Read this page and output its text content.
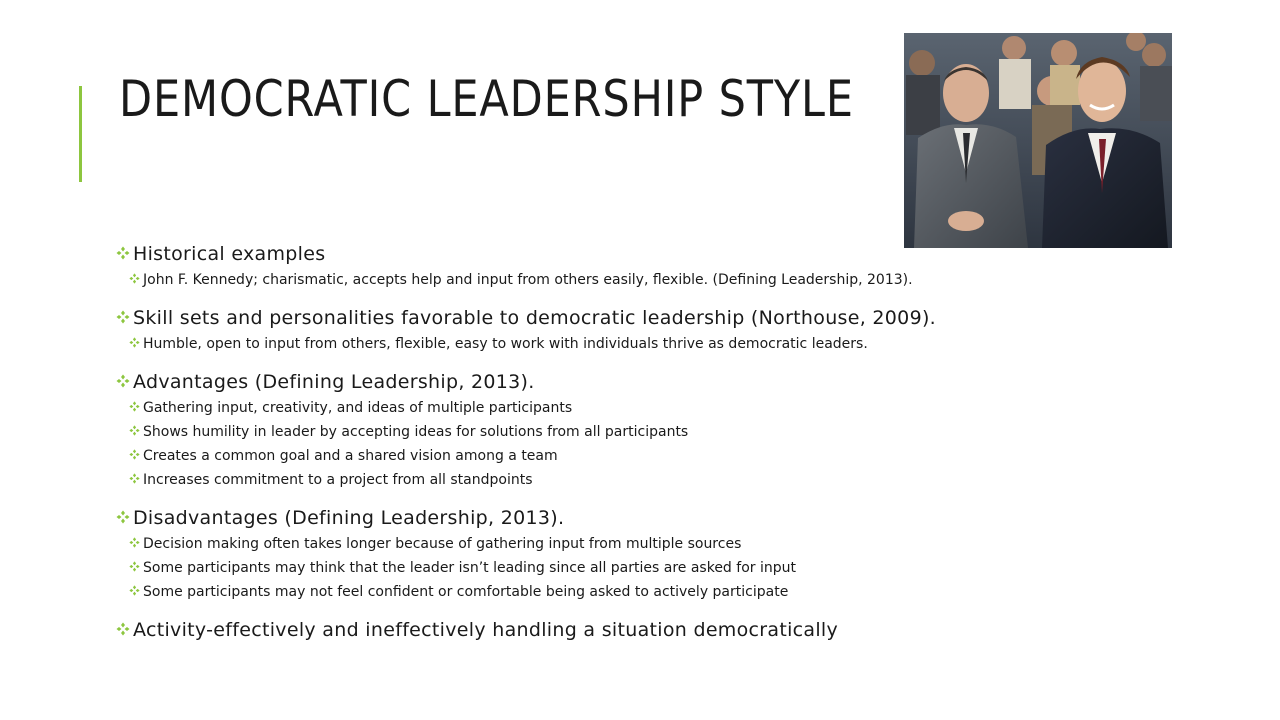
DEMOCRATIC LEADERSHIP STYLE
Historical examples
John F. Kennedy; charismatic, accepts help and input from others easily, flexible. (Defining Leadership, 2013).
Skill sets and personalities favorable to democratic leadership (Northouse, 2009).
Humble, open to input from others, flexible, easy to work with individuals thrive as democratic leaders.
Advantages (Defining Leadership, 2013).
Gathering input, creativity, and ideas of multiple participants
Shows humility in leader by accepting ideas for solutions from all participants
Creates a common goal and a shared vision among a team
Increases commitment to a project from all standpoints
Disadvantages (Defining Leadership, 2013).
Decision making often takes longer because of gathering input from multiple sources
Some participants may think that the leader isn’t leading since all parties are asked for input
Some participants may not feel confident or comfortable being asked to actively participate
Activity-effectively and ineffectively handling a situation democratically
